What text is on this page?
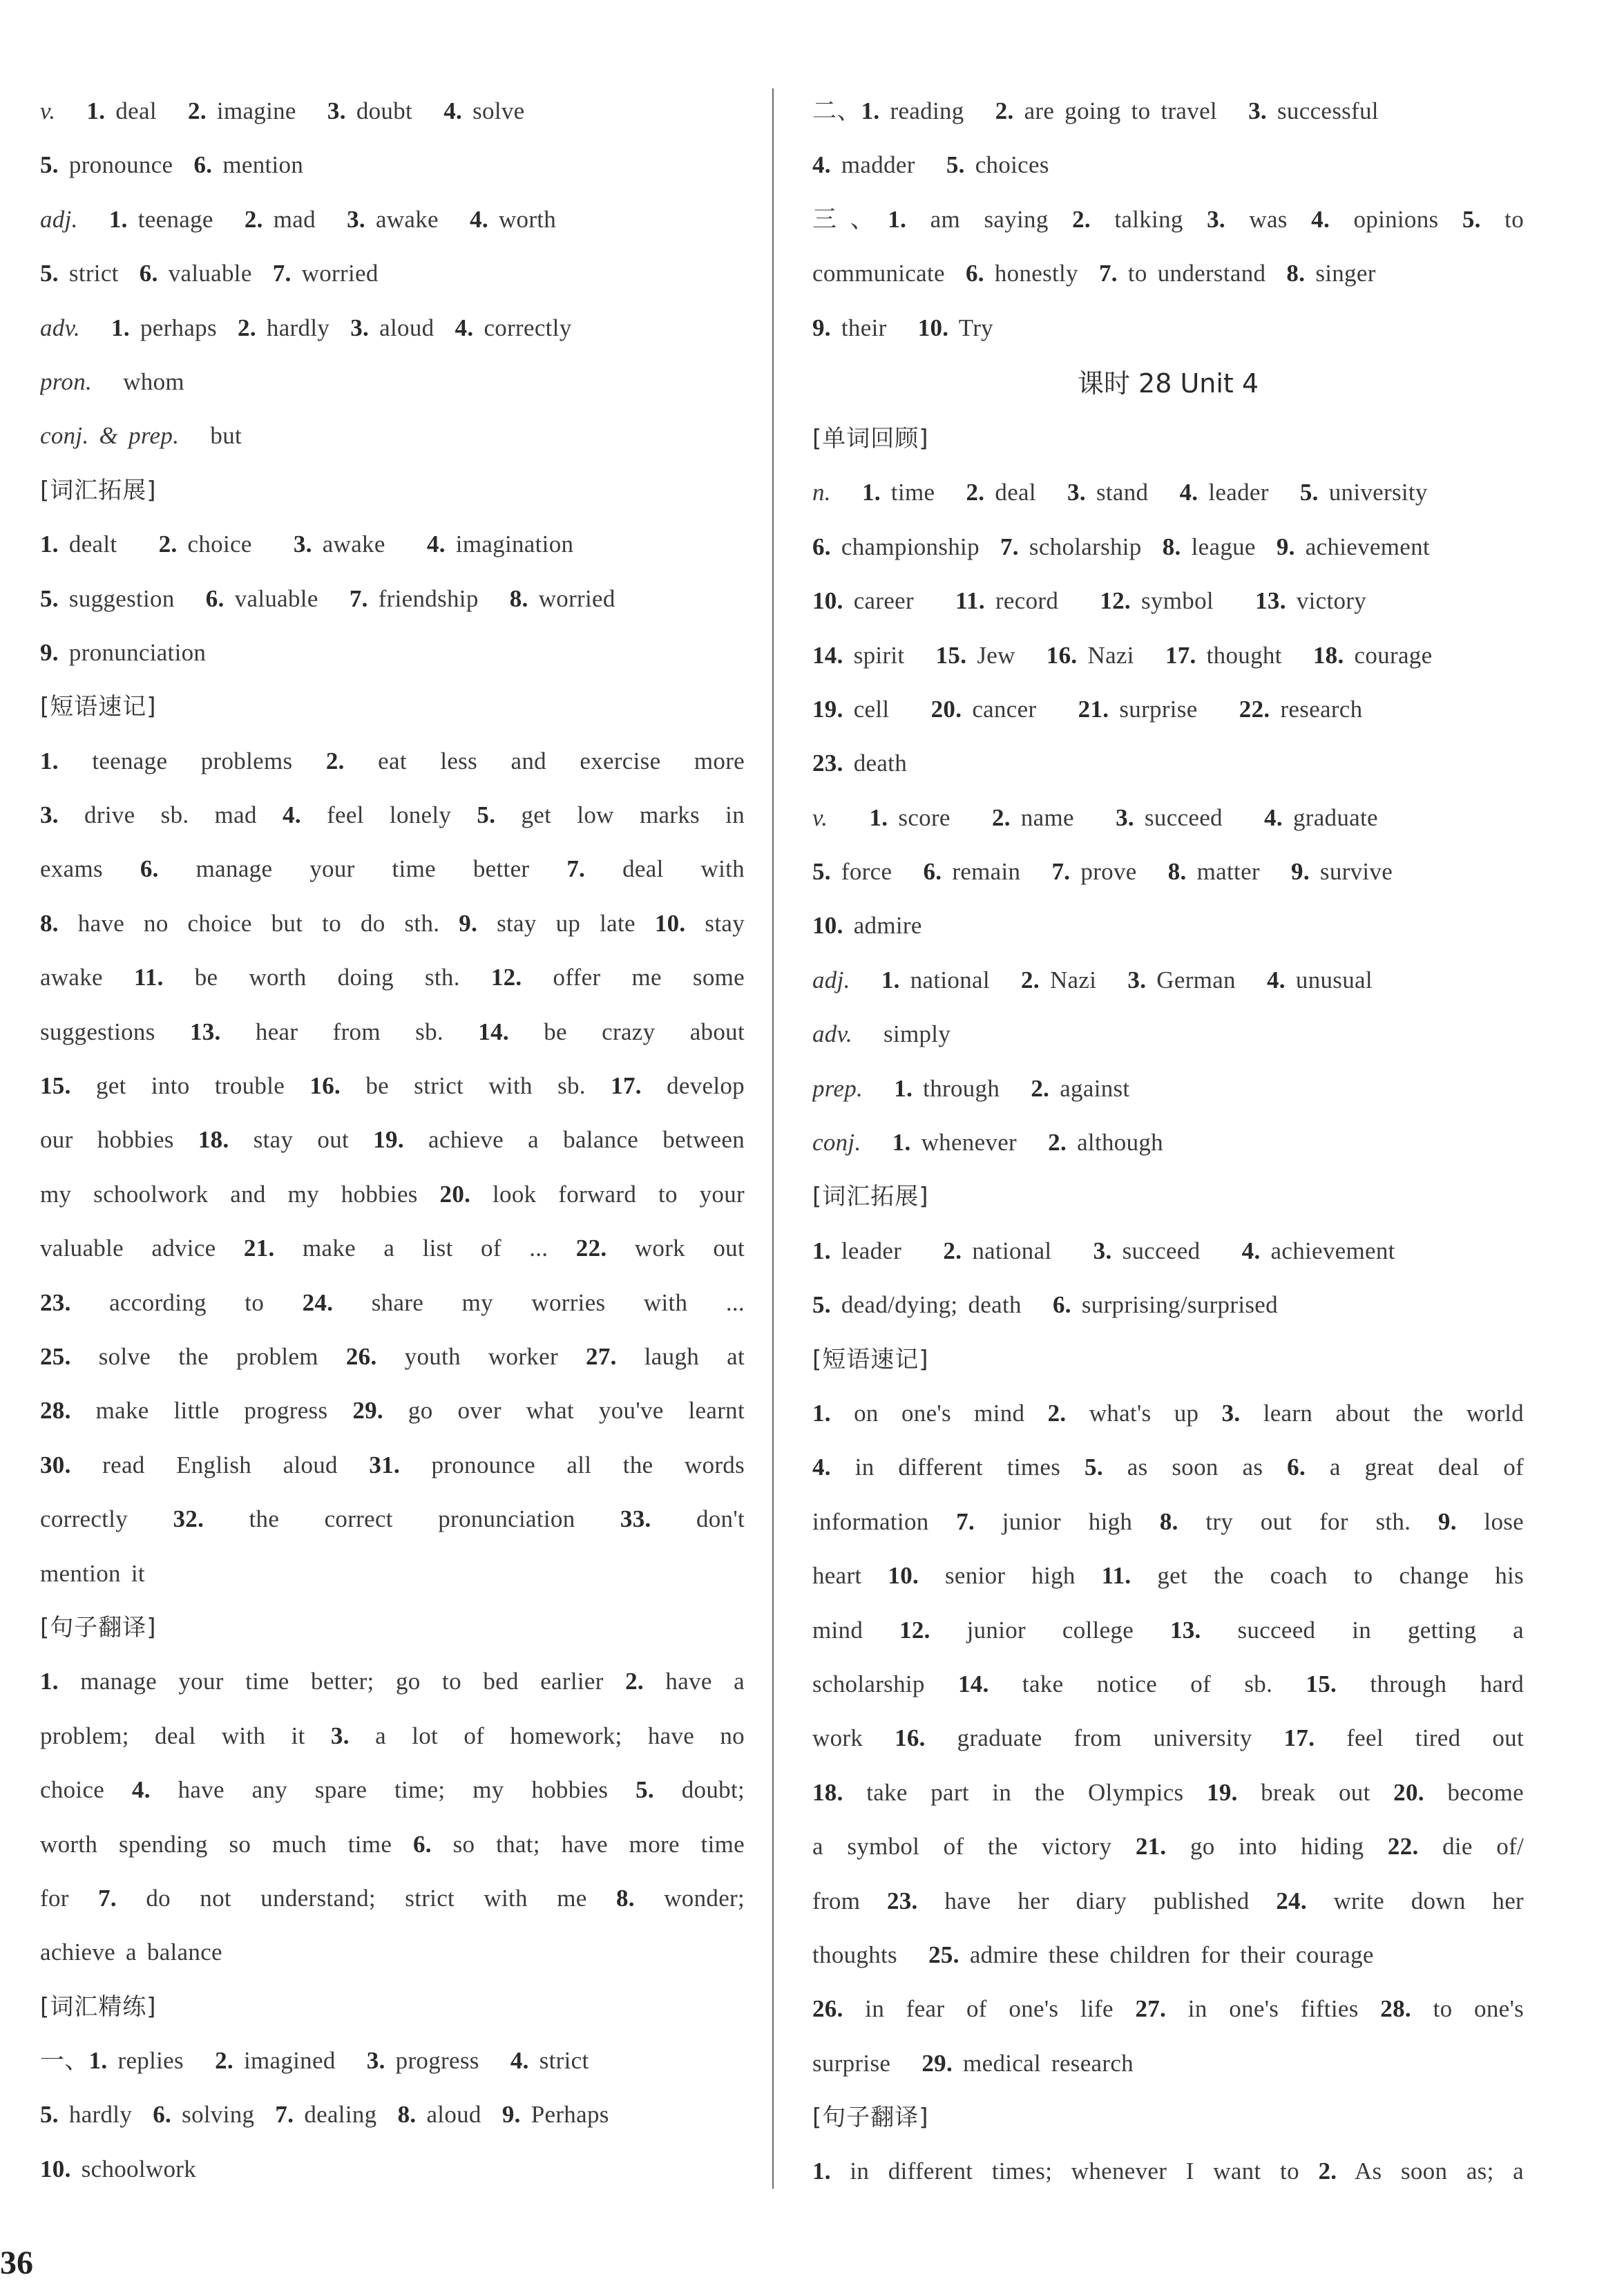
v. 1. deal   2. imagine   3. doubt   4. solve
5. pronounce  6. mention
adj. 1. teenage   2. mad   3. awake   4. worth
5. strict  6. valuable  7. worried
adv. 1. perhaps  2. hardly  3. aloud  4. correctly
pron.   whom
conj. & prep.   but
[词汇拓展]
1. dealt    2. choice    3. awake    4. imagination
5. suggestion   6. valuable   7. friendship   8. worried
9. pronunciation
[短语速记]
1. teenage problems 2. eat less and exercise more
3. drive sb. mad 4. feel lonely 5. get low marks in
exams 6. manage your time better 7. deal with
8. have no choice but to do sth. 9. stay up late 10. stay
awake 11. be worth doing sth. 12. offer me some
suggestions 13. hear from sb. 14. be crazy about
15. get into trouble 16. be strict with sb. 17. develop
our hobbies 18. stay out 19. achieve a balance between
my schoolwork and my hobbies 20. look forward to your
valuable advice 21. make a list of ... 22. work out
23. according to 24. share my worries with ...
25. solve the problem 26. youth worker 27. laugh at
28. make little progress 29. go over what you've learnt
30. read English aloud 31. pronounce all the words
correctly 32. the correct pronunciation 33. don't
mention it
[句子翻译]
1. manage your time better; go to bed earlier 2. have a
problem; deal with it 3. a lot of homework; have no
choice 4. have any spare time; my hobbies 5. doubt;
worth spending so much time 6. so that; have more time
for 7. do not understand; strict with me 8. wonder;
achieve a balance
[词汇精练]
一、1. replies   2. imagined   3. progress   4. strict
5. hardly  6. solving  7. dealing  8. aloud  9. Perhaps
10. schoolwork
二、1. reading   2. are going to travel   3. successful
4. madder   5. choices
三、1. am saying 2. talking 3. was 4. opinions 5. to
communicate  6. honestly  7. to understand  8. singer
9. their   10. Try
课时 28 Unit 4
[单词回顾]
n. 1. time   2. deal   3. stand   4. leader   5. university
6. championship  7. scholarship  8. league  9. achievement
10. career    11. record    12. symbol    13. victory
14. spirit   15. Jew   16. Nazi   17. thought   18. courage
19. cell    20. cancer    21. surprise    22. research
23. death
v. 1. score    2. name    3. succeed    4. graduate
5. force   6. remain   7. prove   8. matter   9. survive
10. admire
adj. 1. national   2. Nazi   3. German   4. unusual
adv.   simply
prep. 1. through   2. against
conj. 1. whenever   2. although
[词汇拓展]
1. leader    2. national    3. succeed    4. achievement
5. dead/dying; death   6. surprising/surprised
[短语速记]
1. on one's mind 2. what's up 3. learn about the world
4. in different times 5. as soon as 6. a great deal of
information 7. junior high 8. try out for sth. 9. lose
heart 10. senior high 11. get the coach to change his
mind 12. junior college 13. succeed in getting a
scholarship 14. take notice of sb. 15. through hard
work 16. graduate from university 17. feel tired out
18. take part in the Olympics 19. break out 20. become
a symbol of the victory 21. go into hiding 22. die of/
from 23. have her diary published 24. write down her
thoughts   25. admire these children for their courage
26. in fear of one's life 27. in one's fifties 28. to one's
surprise   29. medical research
[句子翻译]
1. in different times; whenever I want to 2. As soon as; a
36
